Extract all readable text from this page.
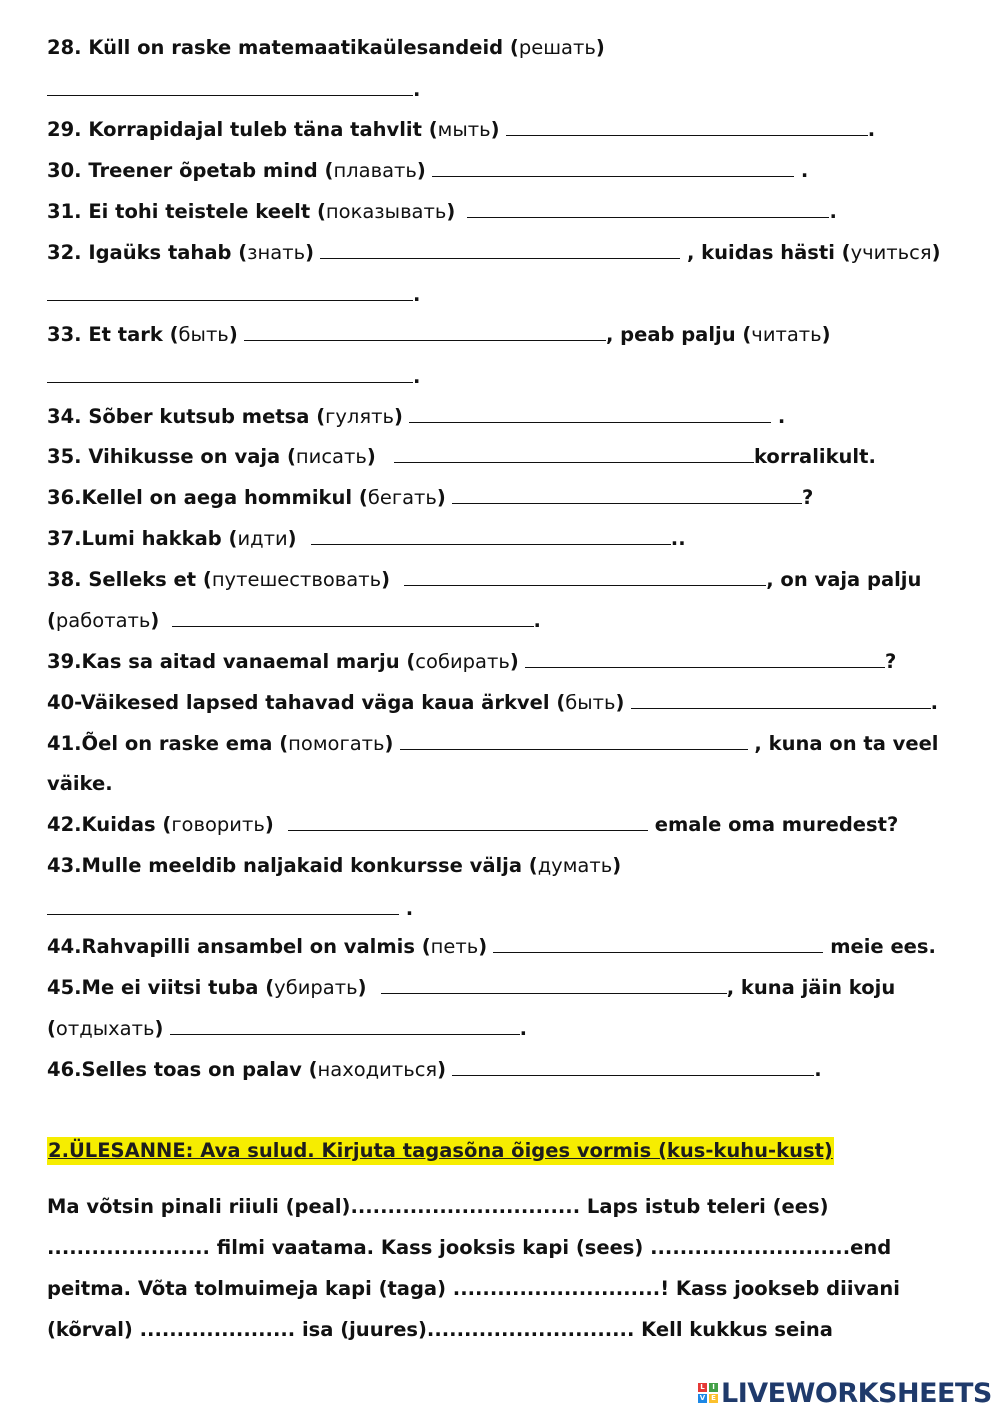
28. Küll on raske matemaatikaülesandeid (решать)
.
29. Korrapidajal tuleb täna tahvlit (мыть)	.
30. Treener õpetab mind (плавать)	.
31. Ei tohi teistele keelt (показывать)	.
32. Igaüks tahab (знать)	, kuidas hästi (учиться)
.
33. Et tark (быть)	, peab palju (читать)
.
34. Sõber kutsub metsa (гулять)	.
35. Vihikusse on vaja (писать)	korralikult.
36.Kellel on aega hommikul (бегать)	?
37.Lumi hakkab (идти)	..
38. Selleks et (путешествовать)	, on vaja palju
(работать)	.
39.Kas sa aitad vanaemal marju (собирать)	?
40-Väikesed lapsed tahavad väga kaua ärkvel (быть)	.
41.Õel on raske ema (помогать)	, kuna on ta veel
väike.
42.Kuidas (говорить)	emale oma muredest?
43.Mulle meeldib naljakaid konkursse välja (думать)
.
44.Rahvapilli ansambel on valmis (петь)	meie ees.
45.Me ei viitsi tuba (убирать)	, kuna jäin koju
(отдыхать)	.
46.Selles toas on palav (находиться)	.
2.ÜLESANNE: Ava sulud. Kirjuta tagasõna õiges vormis (kus-kuhu-kust)
Ma võtsin pinali riiuli (peal)............................... Laps istub teleri (ees)
...................... filmi vaatama. Kass jooksis kapi (sees) ...........................end
peitma. Võta tolmuimeja kapi (taga) ............................! Kass jookseb diivani
(kõrval) ..................... isa (juures)............................ Kell kukkus seina
L	I
V E LIVEWORKSHEETS
